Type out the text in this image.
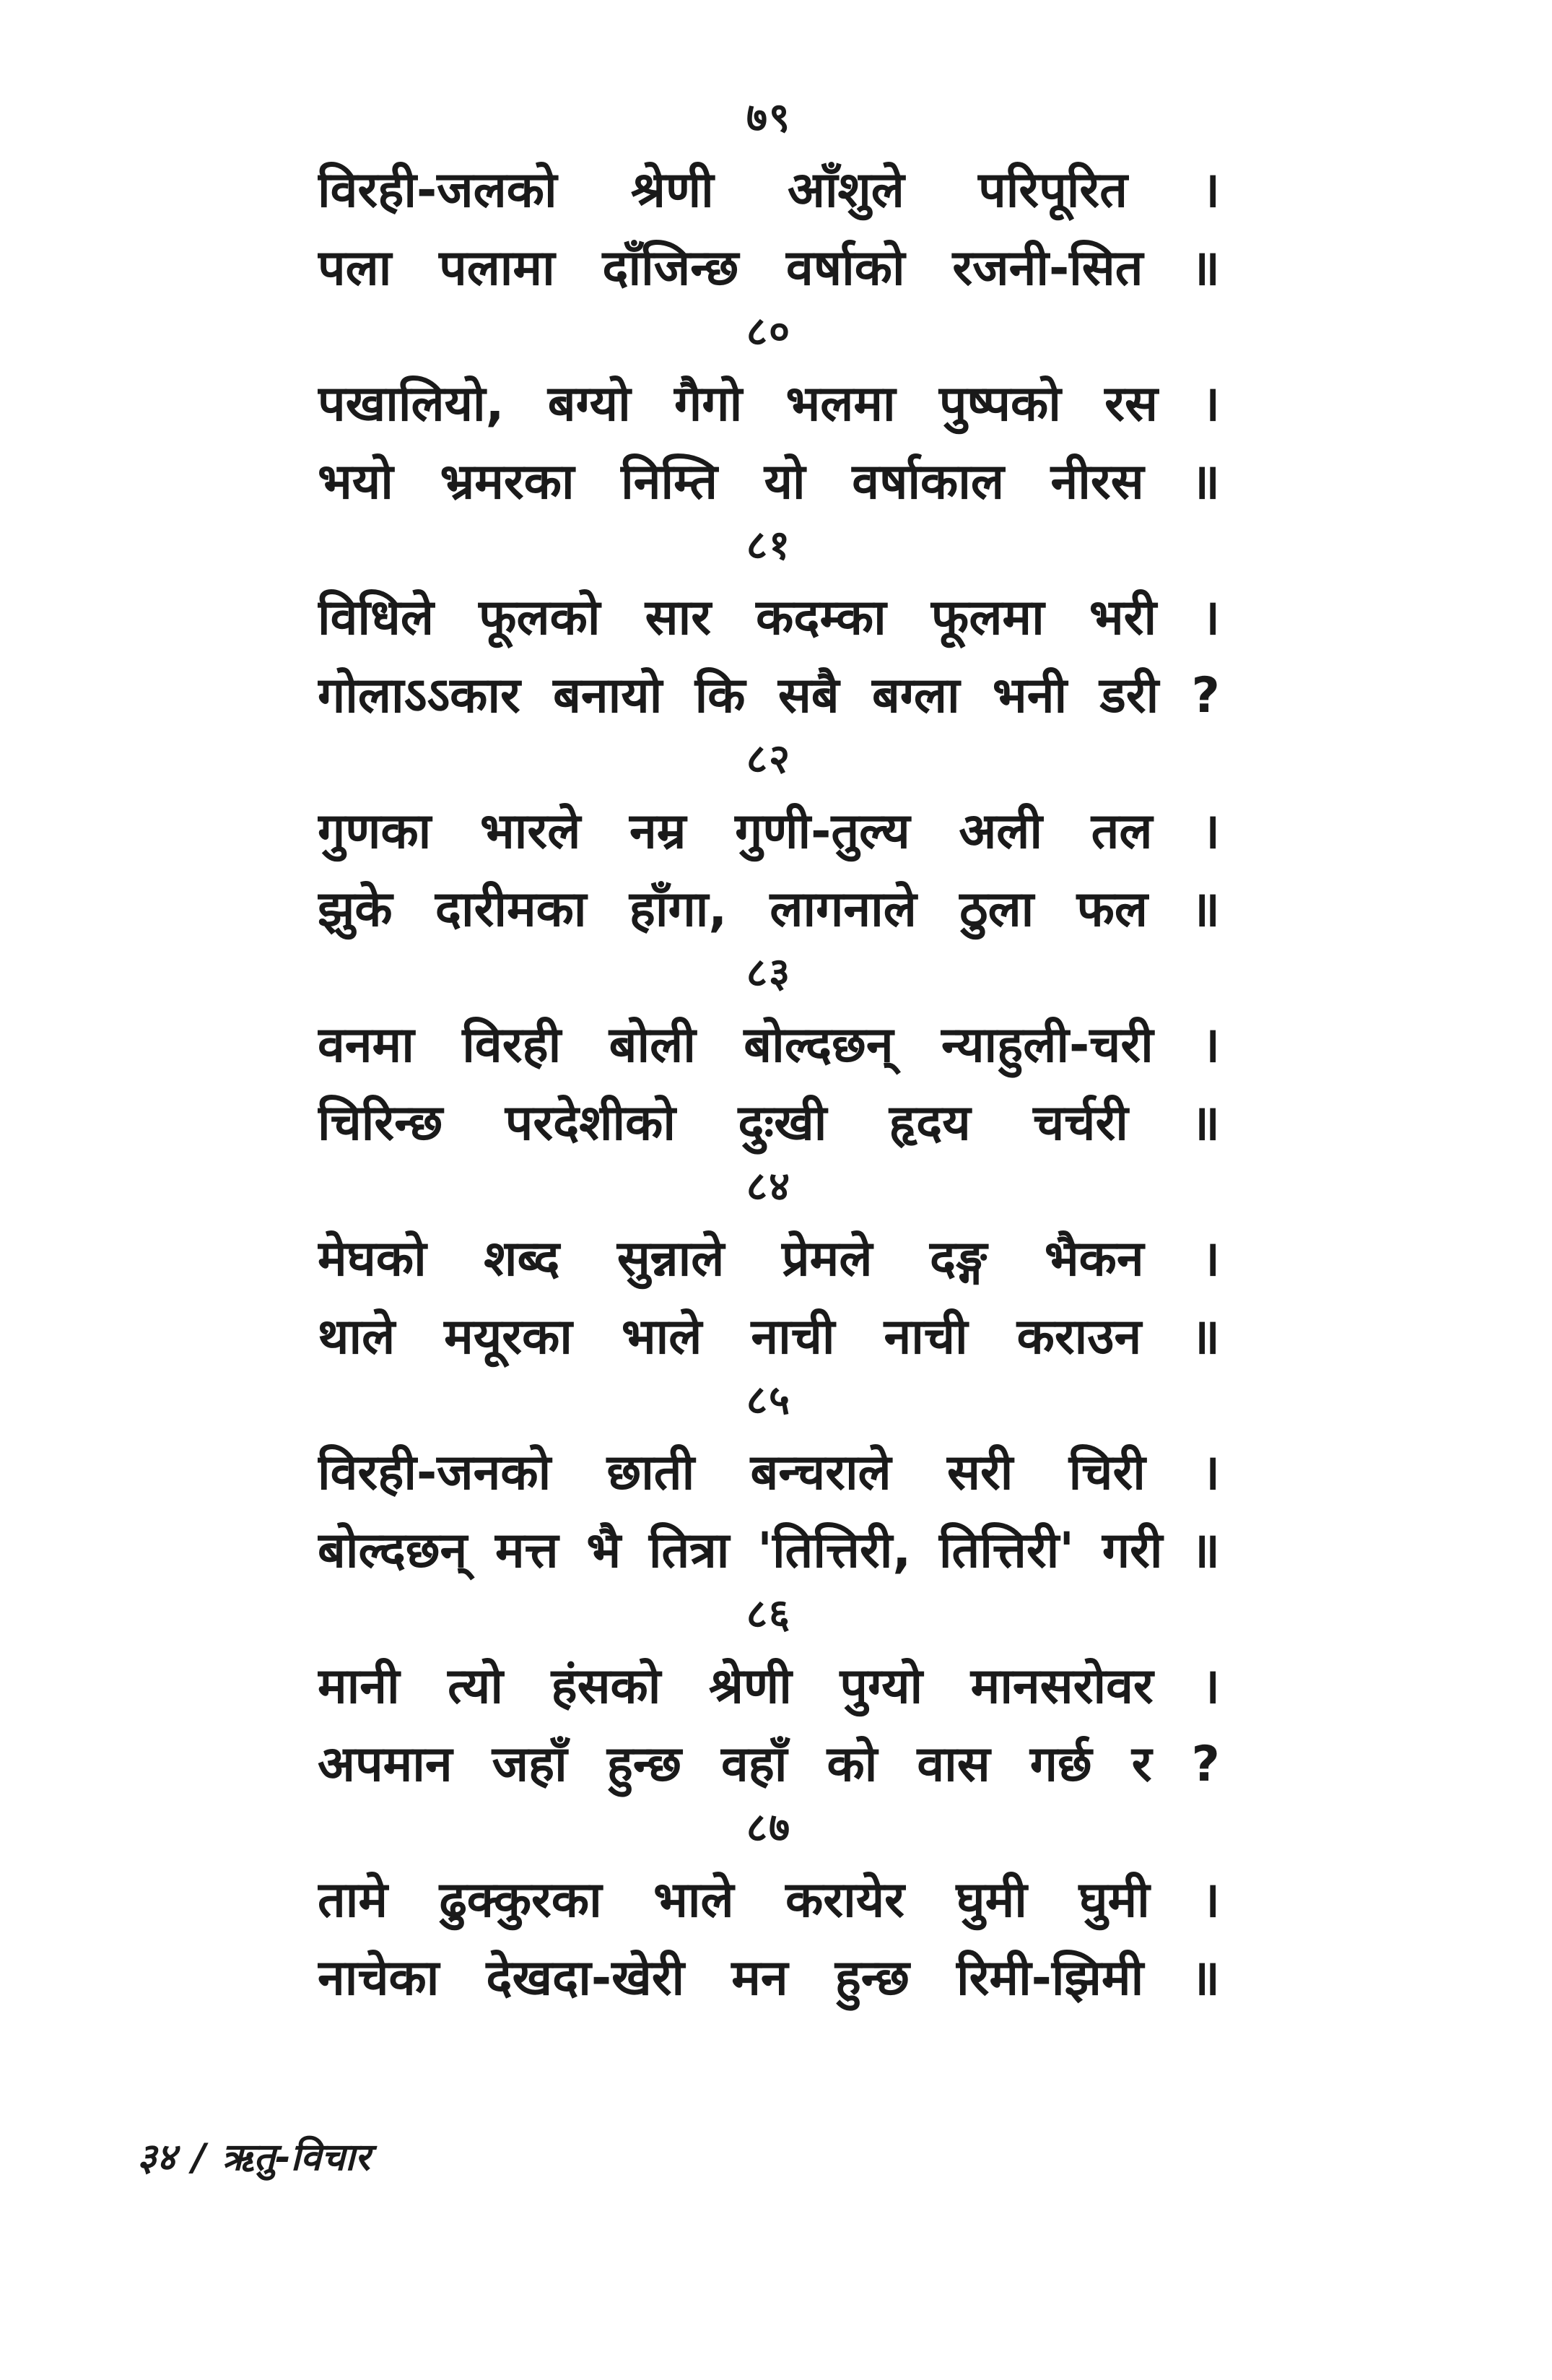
७९
विरही-जलको श्रेणी आँशुले परिपूरित ।
पला पलामा दाँजिन्छ वर्षाको रजनी-सित ॥
८०
पखालियो, बग्यो गैगो भलमा पुष्पको रस ।
भयो भ्रमरका निम्ति यो वर्षाकाल नीरस ॥
८१
विधिले फूलको सार कदम्का फूलमा भरी ।
गोलाऽऽकार बनायो कि सबै बग्ला भनी डरी ?
८२
गुणका भारले नम्र गुणी-तुल्य अली तल ।
झुके दारीमका हाँगा, लागनाले ठुला फल ॥
८३
वनमा विरही बोली बोल्दछन् न्याहुली-चरी ।
चिरिन्छ परदेशीको दुःखी हृदय चर्चरी ॥
८४
मेघको शब्द सुन्नाले प्रेमले दङ्ग भैकन ।
थाले मयूरका भाले नाची नाची कराउन ॥
८५
विरही-जनको छाती बन्चराले सरी चिरी ।
बोल्दछन् मत्त भै तित्रा 'तित्तिरी, तित्तिरी' गरी ॥
८६
मानी त्यो हंसको श्रेणी पुग्यो मानसरोवर ।
अपमान जहाँ हुन्छ वहाँ को वास गर्छ र ?
८७
तामे ढुक्कुरका भाले करायेर घुमी घुमी ।
नाचेका देखदा-खेरी मन हुन्छ रिमी-झिमी ॥
३४ / ऋतु-विचार
